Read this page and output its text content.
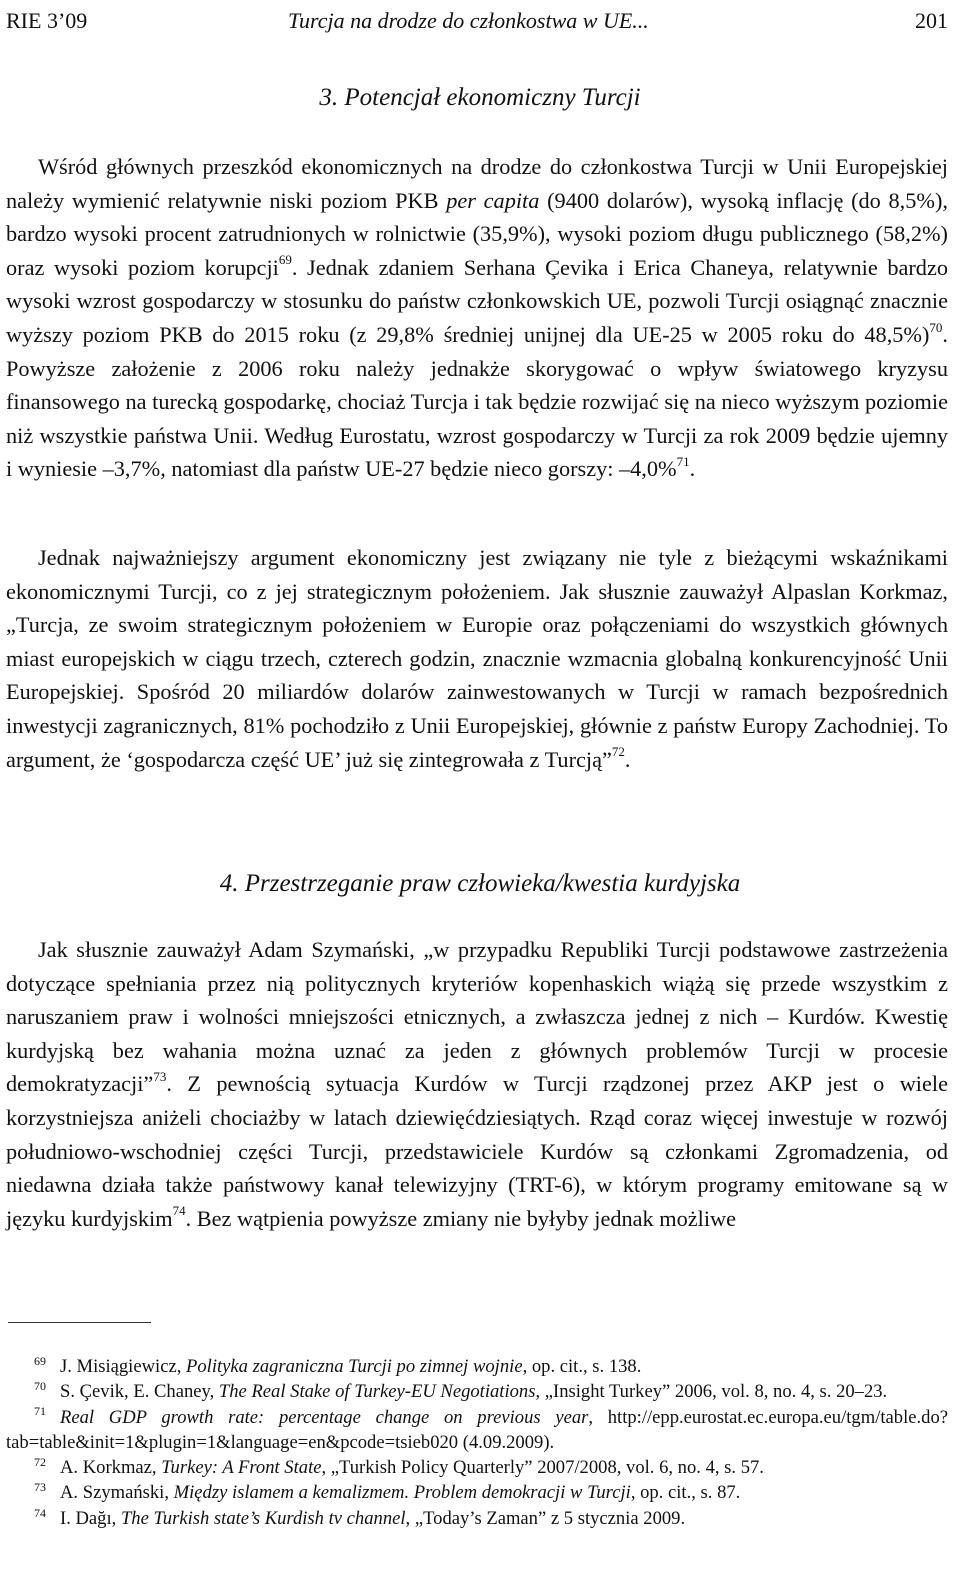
RIE 3’09	Turcja na drodze do członkostwa w UE...	201
3. Potencjał ekonomiczny Turcji

Wśród głównych przeszkód ekonomicznych na drodze do członkostwa Turcji w Unii Europejskiej należy wymienić relatywnie niski poziom PKB per capita (9400 dolarów), wysoką inflację (do 8,5%), bardzo wysoki procent zatrudnionych w rolnictwie (35,9%), wysoki poziom długu publicznego (58,2%) oraz wysoki poziom korupcji$^{69}$. Jednak zdaniem Serhana Çevika i Erica Chaneya, relatywnie bardzo wysoki wzrost gospodarczy w stosunku do państw członkowskich UE, pozwoli Turcji osiągnąć znacznie wyższy poziom PKB do 2015 roku (z 29,8% średniej unijnej dla UE-25 w 2005 roku do 48,5%)$^{70}$. Powyższe założenie z 2006 roku należy jednakże skorygować o wpływ światowego kryzysu finansowego na turecką gospodarkę, chociaż Turcja i tak będzie rozwijać się na nieco wyższym poziomie niż wszystkie państwa Unii. Według Eurostatu, wzrost gospodarczy w Turcji za rok 2009 będzie ujemny i wyniesie –3,7%, natomiast dla państw UE-27 będzie nieco gorszy: –4,0%$^{71}$.

Jednak najważniejszy argument ekonomiczny jest związany nie tyle z bieżącymi wskaźnikami ekonomicznymi Turcji, co z jej strategicznym położeniem. Jak słusznie zauważył Alpaslan Korkmaz, „Turcja, ze swoim strategicznym położeniem w Europie oraz połączeniami do wszystkich głównych miast europejskich w ciągu trzech, czterech godzin, znacznie wzmacnia globalną konkurencyjność Unii Europejskiej. Spośród 20 miliardów dolarów zainwestowanych w Turcji w ramach bezpośrednich inwestycji zagranicznych, 81% pochodziło z Unii Europejskiej, głównie z państw Europy Zachodniej. To argument, że ‘gospodarcza część UE’ już się zintegrowała z Turcją”$^{72}$.

4. Przestrzeganie praw człowieka/kwestia kurdyjska

Jak słusznie zauważył Adam Szymański, „w przypadku Republiki Turcji podstawowe zastrzeżenia dotyczące spełniania przez nią politycznych kryteriów kopenhaskich wiążą się przede wszystkim z naruszaniem praw i wolności mniejszości etnicznych, a zwłaszcza jednej z nich – Kurdów. Kwestię kurdyjską bez wahania można uznać za jeden z głównych problemów Turcji w procesie demokratyzacji”$^{73}$. Z pewnością sytuacja Kurdów w Turcji rządzonej przez AKP jest o wiele korzystniejsza aniżeli chociażby w latach dziewięćdziesiątych. Rząd coraz więcej inwestuje w rozwój południowo-wschodniej części Turcji, przedstawiciele Kurdów są członkami Zgromadzenia, od niedawna działa także państwowy kanał telewizyjny (TRT-6), w którym programy emitowane są w języku kurdyjskim$^{74}$. Bez wątpienia powyższe zmiany nie byłyby jednak możliwe

$^{69}$ J. Misiągiewicz, Polityka zagraniczna Turcji po zimnej wojnie, op. cit., s. 138.

$^{70}$ S. Çevik, E. Chaney, The Real Stake of Turkey-EU Negotiations, „Insight Turkey” 2006, vol. 8, no. 4, s. 20–23.

$^{71}$ Real GDP growth rate: percentage change on previous year, http://epp.eurostat.ec.europa.eu/tgm/table.do?tab=table&init=1&plugin=1&language=en&pcode=tsieb020 (4.09.2009).

$^{72}$ A. Korkmaz, Turkey: A Front State, „Turkish Policy Quarterly” 2007/2008, vol. 6, no. 4, s. 57.

$^{73}$ A. Szymański, Między islamem a kemalizmem. Problem demokracji w Turcji, op. cit., s. 87.

$^{74}$ I. Dağı, The Turkish state’s Kurdish tv channel, „Today’s Zaman” z 5 stycznia 2009.
